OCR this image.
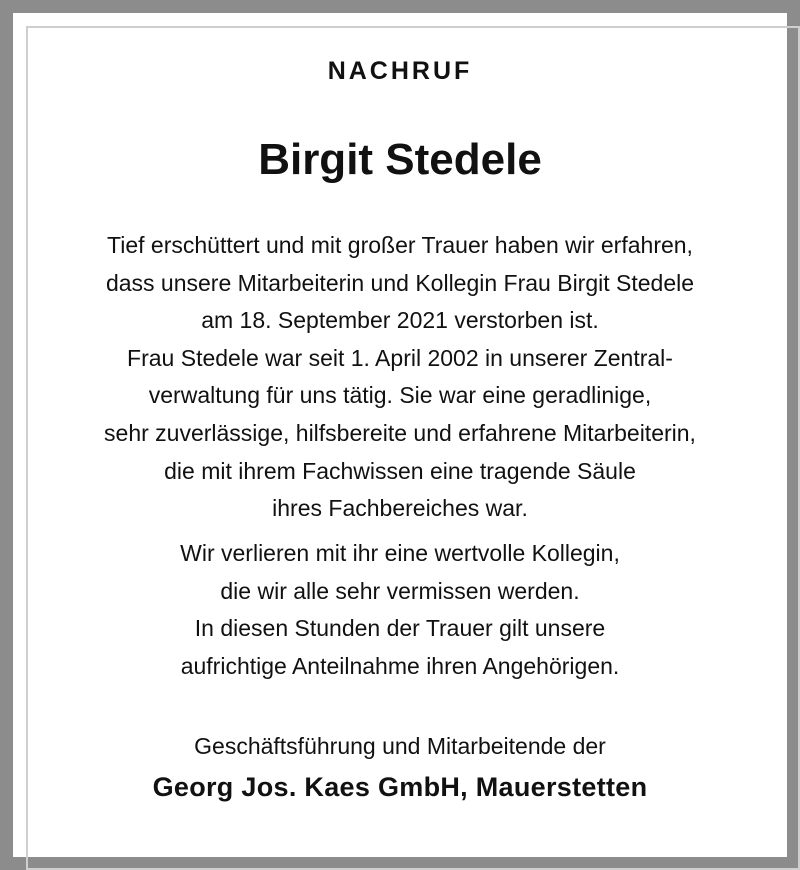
NACHRUF
Birgit Stedele
Tief erschüttert und mit großer Trauer haben wir erfahren,
dass unsere Mitarbeiterin und Kollegin Frau Birgit Stedele
am 18. September 2021 verstorben ist.
Frau Stedele war seit 1. April 2002 in unserer Zentral-
verwaltung für uns tätig. Sie war eine geradlinige,
sehr zuverlässige, hilfsbereite und erfahrene Mitarbeiterin,
die mit ihrem Fachwissen eine tragende Säule
ihres Fachbereiches war.
Wir verlieren mit ihr eine wertvolle Kollegin,
die wir alle sehr vermissen werden.
In diesen Stunden der Trauer gilt unsere
aufrichtige Anteilnahme ihren Angehörigen.
Geschäftsführung und Mitarbeitende der
Georg Jos. Kaes GmbH, Mauerstetten
